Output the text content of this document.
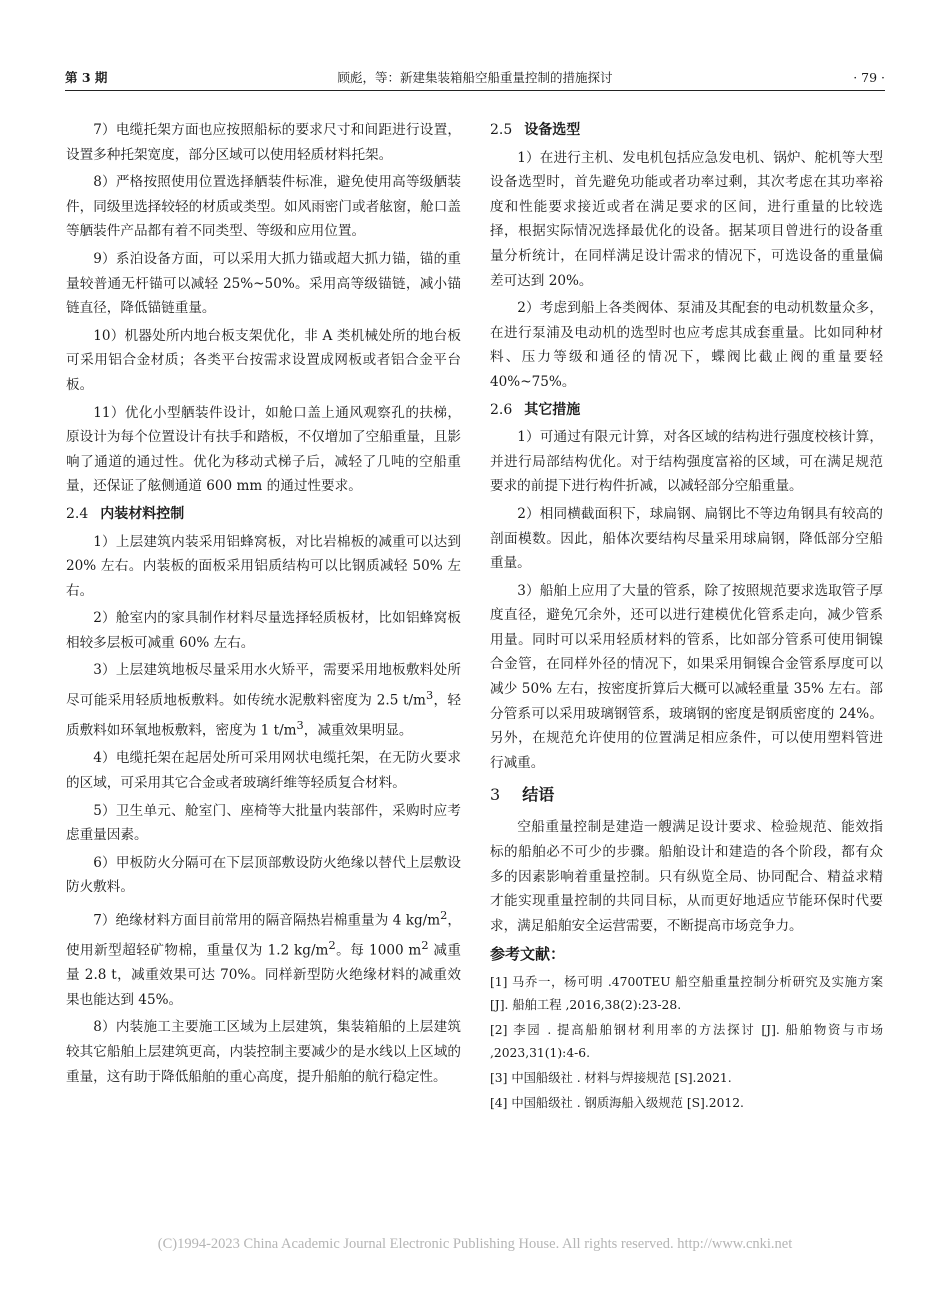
第 3 期	顾彪，等：新建集装箱船空船重量控制的措施探讨	· 79 ·

7）电缆托架方面也应按照船标的要求尺寸和间距进行设置，设置多种托架宽度，部分区域可以使用轻质材料托架。

8）严格按照使用位置选择舾装件标准，避免使用高等级舾装件，同级里选择较轻的材质或类型。如风雨密门或者舷窗，舱口盖等舾装件产品都有着不同类型、等级和应用位置。

9）系泊设备方面，可以采用大抓力锚或超大抓力锚，锚的重量较普通无杆锚可以减轻 25%~50%。采用高等级锚链，减小锚链直径，降低锚链重量。

10）机器处所内地台板支架优化，非 A 类机械处所的地台板可采用铝合金材质；各类平台按需求设置成网板或者铝合金平台板。

11）优化小型舾装件设计，如舱口盖上通风观察孔的扶梯，原设计为每个位置设计有扶手和踏板，不仅增加了空船重量，且影响了通道的通过性。优化为移动式梯子后，减轻了几吨的空船重量，还保证了舷侧通道 600 mm 的通过性要求。

2.4 内装材料控制

1）上层建筑内装采用铝蜂窝板，对比岩棉板的减重可以达到 20% 左右。内装板的面板采用铝质结构可以比钢质减轻 50% 左右。

2）舱室内的家具制作材料尽量选择轻质板材，比如铝蜂窝板相较多层板可减重 60% 左右。

3）上层建筑地板尽量采用水火矫平，需要采用地板敷料处所尽可能采用轻质地板敷料。如传统水泥敷料密度为 2.5 $t/m^3$，轻质敷料如环氧地板敷料，密度为 1 $t/m^3$，减重效果明显。

4）电缆托架在起居处所可采用网状电缆托架，在无防火要求的区域，可采用其它合金或者玻璃纤维等轻质复合材料。

5）卫生单元、舱室门、座椅等大批量内装部件，采购时应考虑重量因素。

6）甲板防火分隔可在下层顶部敷设防火绝缘以替代上层敷设防火敷料。

7）绝缘材料方面目前常用的隔音隔热岩棉重量为 4 $kg/m^2$，使用新型超轻矿物棉，重量仅为 1.2 $kg/m^2$。每 1000 $m^2$ 减重量 2.8 t，减重效果可达 70%。同样新型防火绝缘材料的减重效果也能达到 45%。

8）内装施工主要施工区域为上层建筑，集装箱船的上层建筑较其它船舶上层建筑更高，内装控制主要减少的是水线以上区域的重量，这有助于降低船舶的重心高度，提升船舶的航行稳定性。

2.5 设备选型

1）在进行主机、发电机包括应急发电机、锅炉、舵机等大型设备选型时，首先避免功能或者功率过剩，其次考虑在其功率裕度和性能要求接近或者在满足要求的区间，进行重量的比较选择，根据实际情况选择最优化的设备。据某项目曾进行的设备重量分析统计，在同样满足设计需求的情况下，可选设备的重量偏差可达到 20%。

2）考虑到船上各类阀体、泵浦及其配套的电动机数量众多，在进行泵浦及电动机的选型时也应考虑其成套重量。比如同种材料、压力等级和通径的情况下，蝶阀比截止阀的重量要轻 40%~75%。

2.6 其它措施

1）可通过有限元计算，对各区域的结构进行强度校核计算，并进行局部结构优化。对于结构强度富裕的区域，可在满足规范要求的前提下进行构件折减，以减轻部分空船重量。

2）相同横截面积下，球扁钢、扁钢比不等边角钢具有较高的剖面模数。因此，船体次要结构尽量采用球扁钢，降低部分空船重量。

3）船舶上应用了大量的管系，除了按照规范要求选取管子厚度直径，避免冗余外，还可以进行建模优化管系走向，减少管系用量。同时可以采用轻质材料的管系，比如部分管系可使用铜镍合金管，在同样外径的情况下，如果采用铜镍合金管系厚度可以减少 50% 左右，按密度折算后大概可以减轻重量 35% 左右。部分管系可以采用玻璃钢管系，玻璃钢的密度是钢质密度的 24%。另外，在规范允许使用的位置满足相应条件，可以使用塑料管进行减重。

3 结语

空船重量控制是建造一艘满足设计要求、检验规范、能效指标的船舶必不可少的步骤。船舶设计和建造的各个阶段，都有众多的因素影响着重量控制。只有纵览全局、协同配合、精益求精才能实现重量控制的共同目标，从而更好地适应节能环保时代要求，满足船舶安全运营需要，不断提高市场竞争力。

参考文献：

[1] 马乔一，杨可明 .4700TEU 船空船重量控制分析研究及实施方案 [J]. 船舶工程 ,2016,38(2):23-28.

[2] 李园 . 提高船舶钢材利用率的方法探讨 [J]. 船舶物资与市场 ,2023,31(1):4-6.

[3] 中国船级社 . 材料与焊接规范 [S].2021.

[4] 中国船级社 . 钢质海船入级规范 [S].2012.

(C)1994-2023 China Academic Journal Electronic Publishing House. All rights reserved. http://www.cnki.net
